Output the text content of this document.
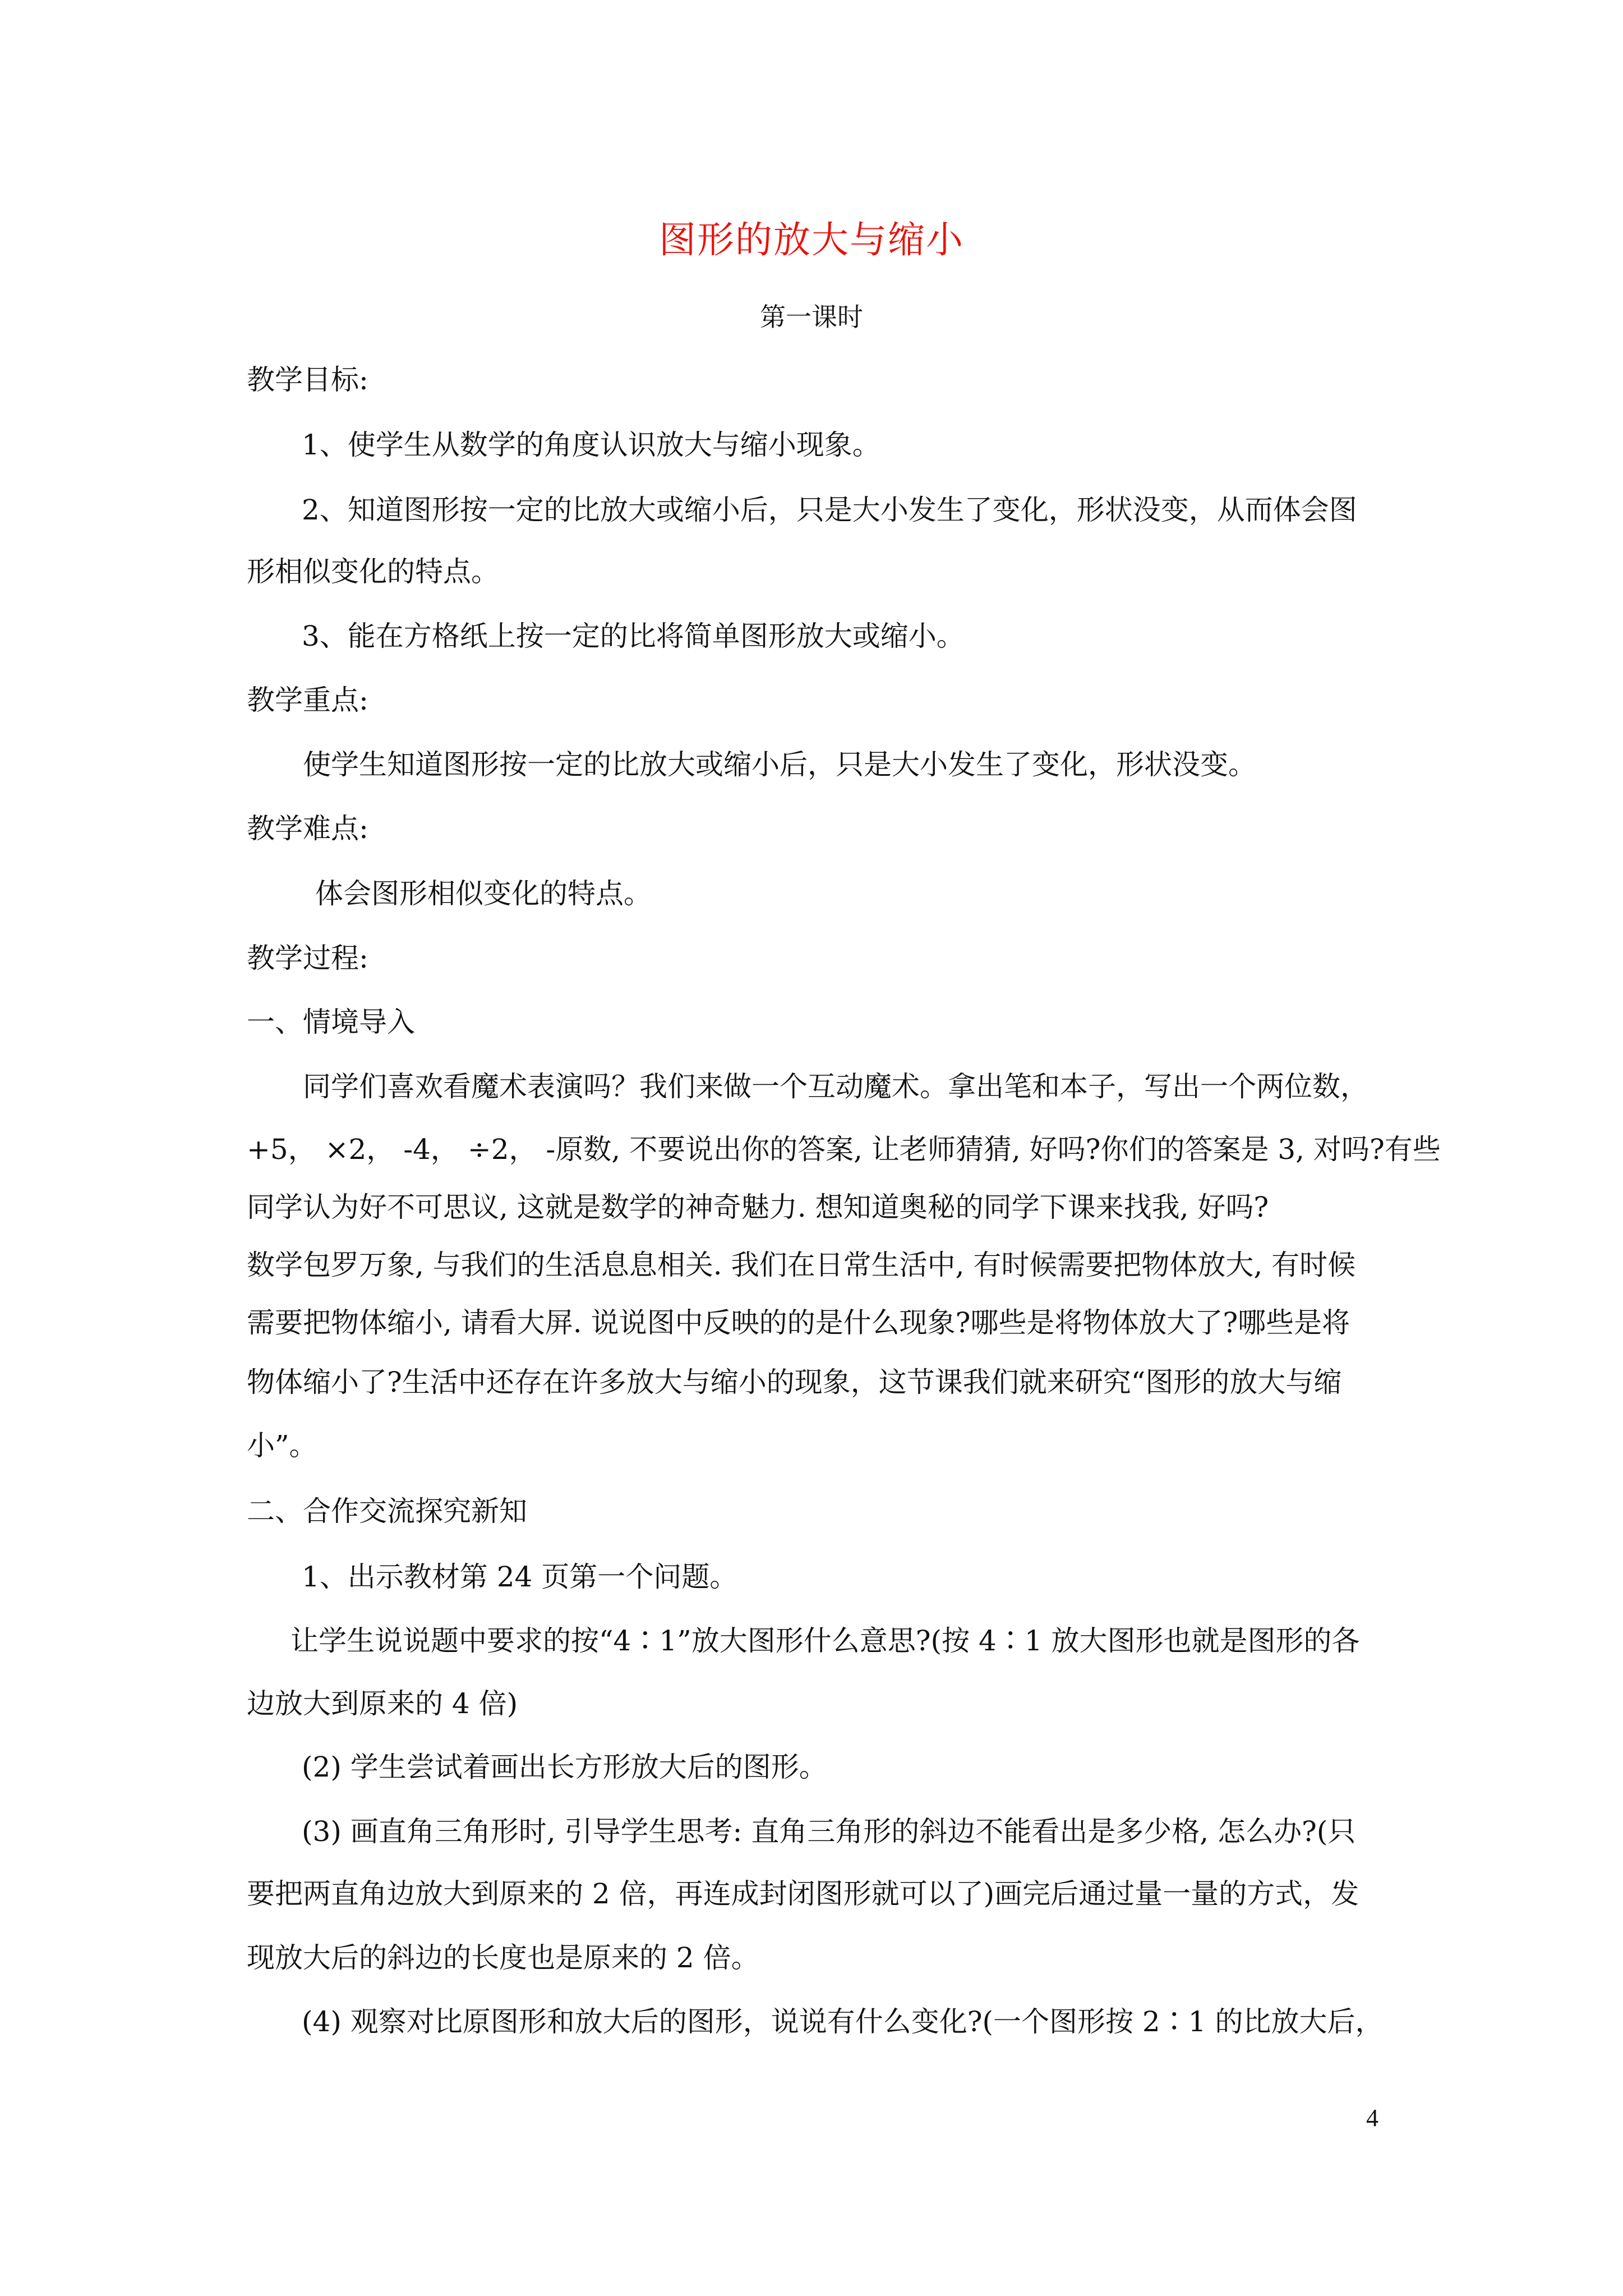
图形的放大与缩小
第一课时
教学目标:
1、使学生从数学的角度认识放大与缩小现象。
2、知道图形按一定的比放大或缩小后，只是大小发生了变化，形状没变，从而体会图
形相似变化的特点。
3、能在方格纸上按一定的比将简单图形放大或缩小。
教学重点:
使学生知道图形按一定的比放大或缩小后，只是大小发生了变化，形状没变。
教学难点:
体会图形相似变化的特点。
教学过程:
一、情境导入
同学们喜欢看魔术表演吗？我们来做一个互动魔术。拿出笔和本子，写出一个两位数，
+5， ×2， -4， ÷2， -原数, 不要说出你的答案, 让老师猜猜, 好吗?你们的答案是 3, 对吗?有些
同学认为好不可思议, 这就是数学的神奇魅力. 想知道奥秘的同学下课来找我, 好吗?
数学包罗万象, 与我们的生活息息相关. 我们在日常生活中, 有时候需要把物体放大, 有时候
需要把物体缩小, 请看大屏. 说说图中反映的的是什么现象?哪些是将物体放大了?哪些是将
物体缩小了?生活中还存在许多放大与缩小的现象，这节课我们就来研究“图形的放大与缩
小”。
二、合作交流探究新知
1、出示教材第 24 页第一个问题。
让学生说说题中要求的按“4∶1”放大图形什么意思?(按 4∶1 放大图形也就是图形的各
边放大到原来的 4 倍)
(2) 学生尝试着画出长方形放大后的图形。
(3) 画直角三角形时, 引导学生思考: 直角三角形的斜边不能看出是多少格, 怎么办?(只
要把两直角边放大到原来的 2 倍，再连成封闭图形就可以了)画完后通过量一量的方式，发
现放大后的斜边的长度也是原来的 2 倍。
(4) 观察对比原图形和放大后的图形，说说有什么变化?(一个图形按 2∶1 的比放大后，
4
